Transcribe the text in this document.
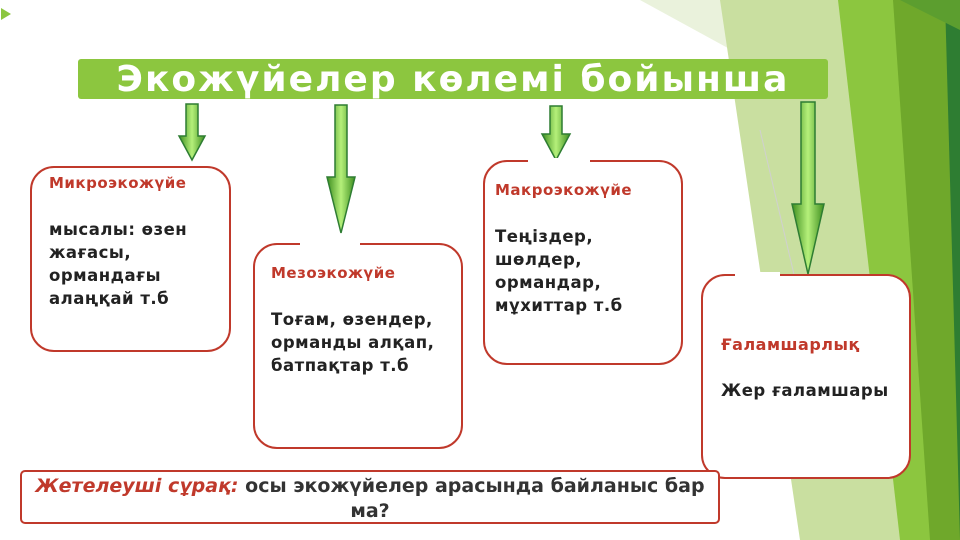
Экожүйелер көлемі бойынша
Микроэкожүйе
мысалы: өзен жағасы, ормандағы алаңқай т.б
Мезоэкожүйе
Тоғам, өзендер, орманды алқап, батпақтар т.б
Макроэкожүйе
Теңіздер, шөлдер, ормандар, мұхиттар т.б
Ғаламшарлық
Жер ғаламшары
Жетелеуші сұрақ: осы экожүйелер арасында байланыс бар ма?
